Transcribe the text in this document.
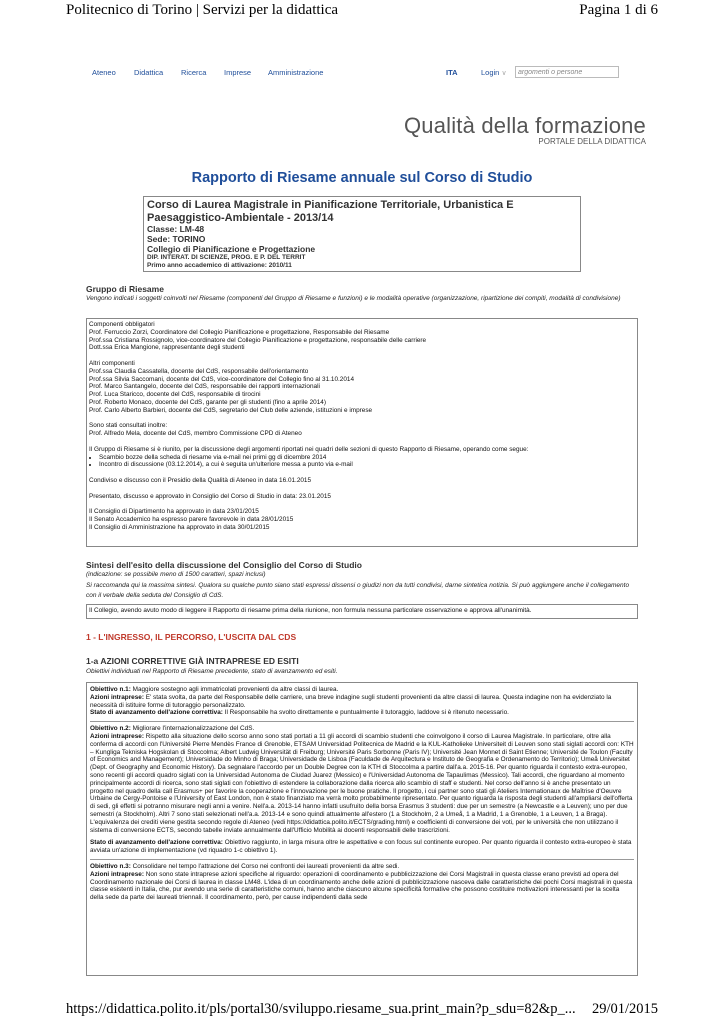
Politecnico di Torino | Servizi per la didattica	Pagina 1 di 6
Ateneo Didattica Ricerca Imprese Amministrazione	ITA	Login ∨	argomenti o persone
Qualità della formazione
PORTALE DELLA DIDATTICA
Rapporto di Riesame annuale sul Corso di Studio
Corso di Laurea Magistrale in Pianificazione Territoriale, Urbanistica E Paesaggistico-Ambientale - 2013/14
Classe: LM-48
Sede: TORINO
Collegio di Pianificazione e Progettazione
DIP. INTERAT. DI SCIENZE, PROG. E P. DEL TERRIT
Primo anno accademico di attivazione: 2010/11
Gruppo di Riesame
Vengono indicati i soggetti coinvolti nel Riesame (componenti del Gruppo di Riesame e funzioni) e le modalità operative (organizzazione, ripartizione dei compiti, modalità di condivisione)
Componenti obbligatori
Prof. Ferruccio Zorzi, Coordinatore del Collegio Pianificazione e progettazione, Responsabile del Riesame
Prof.ssa Cristiana Rossignolo, vice-coordinatore del Collegio Pianificazione e progettazione, responsabile delle carriere
Dott.ssa Erica Mangione, rappresentante degli studenti
Altri componenti
Prof.ssa Claudia Cassatella, docente del CdS, responsabile dell'orientamento
Prof.ssa Silvia Saccomani, docente del CdS, vice-coordinatore del Collegio fino al 31.10.2014
Prof. Marco Santangelo, docente del CdS, responsabile dei rapporti internazionali
Prof. Luca Staricco, docente del CdS, responsabile di tirocini
Prof. Roberto Monaco, docente del CdS, garante per gli studenti (fino a aprile 2014)
Prof. Carlo Alberto Barbieri, docente del CdS, segretario del Club delle aziende, istituzioni e imprese
Sono stati consultati inoltre:
Prof. Alfredo Mela, docente del CdS, membro Commissione CPD di Ateneo
Il Gruppo di Riesame si è riunito, per la discussione degli argomenti riportati nei quadri delle sezioni di questo Rapporto di Riesame, operando come segue:
• Scambio bozze della scheda di riesame via e-mail nei primi gg di dicembre 2014
• Incontro di discussione (03.12.2014), a cui è seguita un'ulteriore messa a punto via e-mail
Condiviso e discusso con il Presidio della Qualità di Ateneo in data 16.01.2015
Presentato, discusso e approvato in Consiglio del Corso di Studio in data: 23.01.2015
Il Consiglio di Dipartimento ha approvato in data 23/01/2015
Il Senato Accademico ha espresso parere favorevole in data 28/01/2015
Il Consiglio di Amministrazione ha approvato in data 30/01/2015
Sintesi dell'esito della discussione del Consiglio del Corso di Studio
(indicazione: se possibile meno di 1500 caratteri, spazi inclusi)
Si raccomanda qui la massima sintesi. Qualora su qualche punto siano stati espressi dissensi o giudizi non da tutti condivisi, darne sintetica notizia. Si può aggiungere anche il collegamento con il verbale della seduta del Consiglio di CdS.

Il Collegio, avendo avuto modo di leggere il Rapporto di riesame prima della riunione, non formula nessuna particolare osservazione e approva all'unanimità.

1 - L'INGRESSO, IL PERCORSO, L'USCITA DAL CDS
1-a AZIONI CORRETTIVE GIÀ INTRAPRESE ED ESITI
Obiettivi individuati nel Rapporto di Riesame precedente, stato di avanzamento ed esiti.

Obiettivo n.1: Maggiore sostegno agli immatricolati provenienti da altre classi di laurea.

Azioni intraprese: E' stata svolta, da parte del Responsabile delle carriere, una breve indagine sugli studenti provenienti da altre classi di laurea. Questa indagine non ha evidenziato la necessità di istituire forme di tutoraggio personalizzato.

Stato di avanzamento dell'azione correttiva: Il Responsabile ha svolto direttamente e puntualmente il tutoraggio, laddove si è ritenuto necessario.

Obiettivo n.2: Migliorare l'internazionalizzazione del CdS.

Azioni intraprese: Rispetto alla situazione dello scorso anno sono stati portati a 11 gli accordi di scambio studenti che coinvolgono il corso di Laurea Magistrale. In particolare, oltre alla conferma di accordi con l'Université Pierre Mendès France di Grenoble, ETSAM Universidad Politecnica de Madrid e la KUL-Katholieke Universiteit di Leuven sono stati siglati accordi con: KTH – Kungliga Tekniska Hogskolan di Stoccolma; Albert Ludwig Universität di Freiburg; Université Paris Sorbonne (Paris IV); Université Jean Monnet di Saint Etienne; Université de Toulon (Faculty of Economics and Management); Universidade do Minho di Braga; Universidade de Lisboa (Faculdade de Arquitectura e Instituto de Geografia e Ordenamento do Territorio); Umeå Universitet (Dept. of Geography and Economic History). Da segnalare l'accordo per un Double Degree con la KTH di Stoccolma a partire dall'a.a. 2015-16. Per quanto riguarda il contesto extra-europeo, sono recenti gli accordi quadro siglati con la Universidad Autonoma de Ciudad Juarez (Messico) e l'Universidad Autonoma de Tapaulimas (Messico). Tali accordi, che riguardano al momento principalmente accordi di ricerca, sono stati siglati con l'obiettivo di estendere la collaborazione dalla ricerca allo scambio di staff e studenti. Nel corso dell'anno si è anche presentato un progetto nel quadro della call Erasmus+ per favorire la cooperazione e l'innovazione per le buone pratiche. Il progetto, i cui partner sono stati gli Ateliers Internationaux de Maîtrise d'Oeuvre Urbaine de Cergy-Pontoise e l'University of East London, non è stato finanziato ma verrà molto probabilmente ripresentato. Per quanto riguarda la risposta degli studenti all'ampliarsi dell'offerta di sedi, gli effetti si potranno misurare negli anni a venire. Nell'a.a. 2013-14 hanno infatti usufruito della borsa Erasmus 3 studenti: due per un semestre (a Newcastle e a Leuven); uno per due semestri (a Stockholm). Altri 7 sono stati selezionati nell'a.a. 2013-14 e sono quindi attualmente all'estero (1 a Stockholm, 2 a Umeå, 1 a Madrid, 1 a Grenoble, 1 a Leuven, 1 a Braga). L'equivalenza dei crediti viene gestita secondo regole di Ateneo (vedi https://didattica.polito.it/ECTS/grading.html) e coefficienti di conversione dei voti, per le università che non utilizzano il sistema di conversione ECTS, secondo tabelle inviate annualmente dall'Ufficio Mobilità ai docenti responsabili delle trascrizioni.

Stato di avanzamento dell'azione correttiva: Obiettivo raggiunto, in larga misura oltre le aspettative e con focus sul continente europeo. Per quanto riguarda il contesto extra-europeo è stata avviata un'azione di implementazione (vd riquadro 1-c obiettivo 1).

Obiettivo n.3: Consolidare nel tempo l'attrazione del Corso nei confronti dei laureati provenienti da altre sedi.

Azioni intraprese: Non sono state intraprese azioni specifiche al riguardo: operazioni di coordinamento e pubblicizzazione dei Corsi Magistrali in questa classe erano previsti ad opera del Coordinamento nazionale dei Corsi di laurea in classe LM48. L'idea di un coordinamento anche delle azioni di pubblicizzazione nasceva dalle caratteristiche dei pochi Corsi magistrali in questa classe esistenti in Italia, che, pur avendo una serie di caratteristiche comuni, hanno anche ciascuno alcune specificità formative che possono costituire motivazioni interessanti per la scelta della sede da parte dei laureati triennali. Il coordinamento, però, per cause indipendenti dalla sede

https://didattica.polito.it/pls/portal30/sviluppo.riesame_sua.print_main?p_sdu=82&p_... 29/01/2015
